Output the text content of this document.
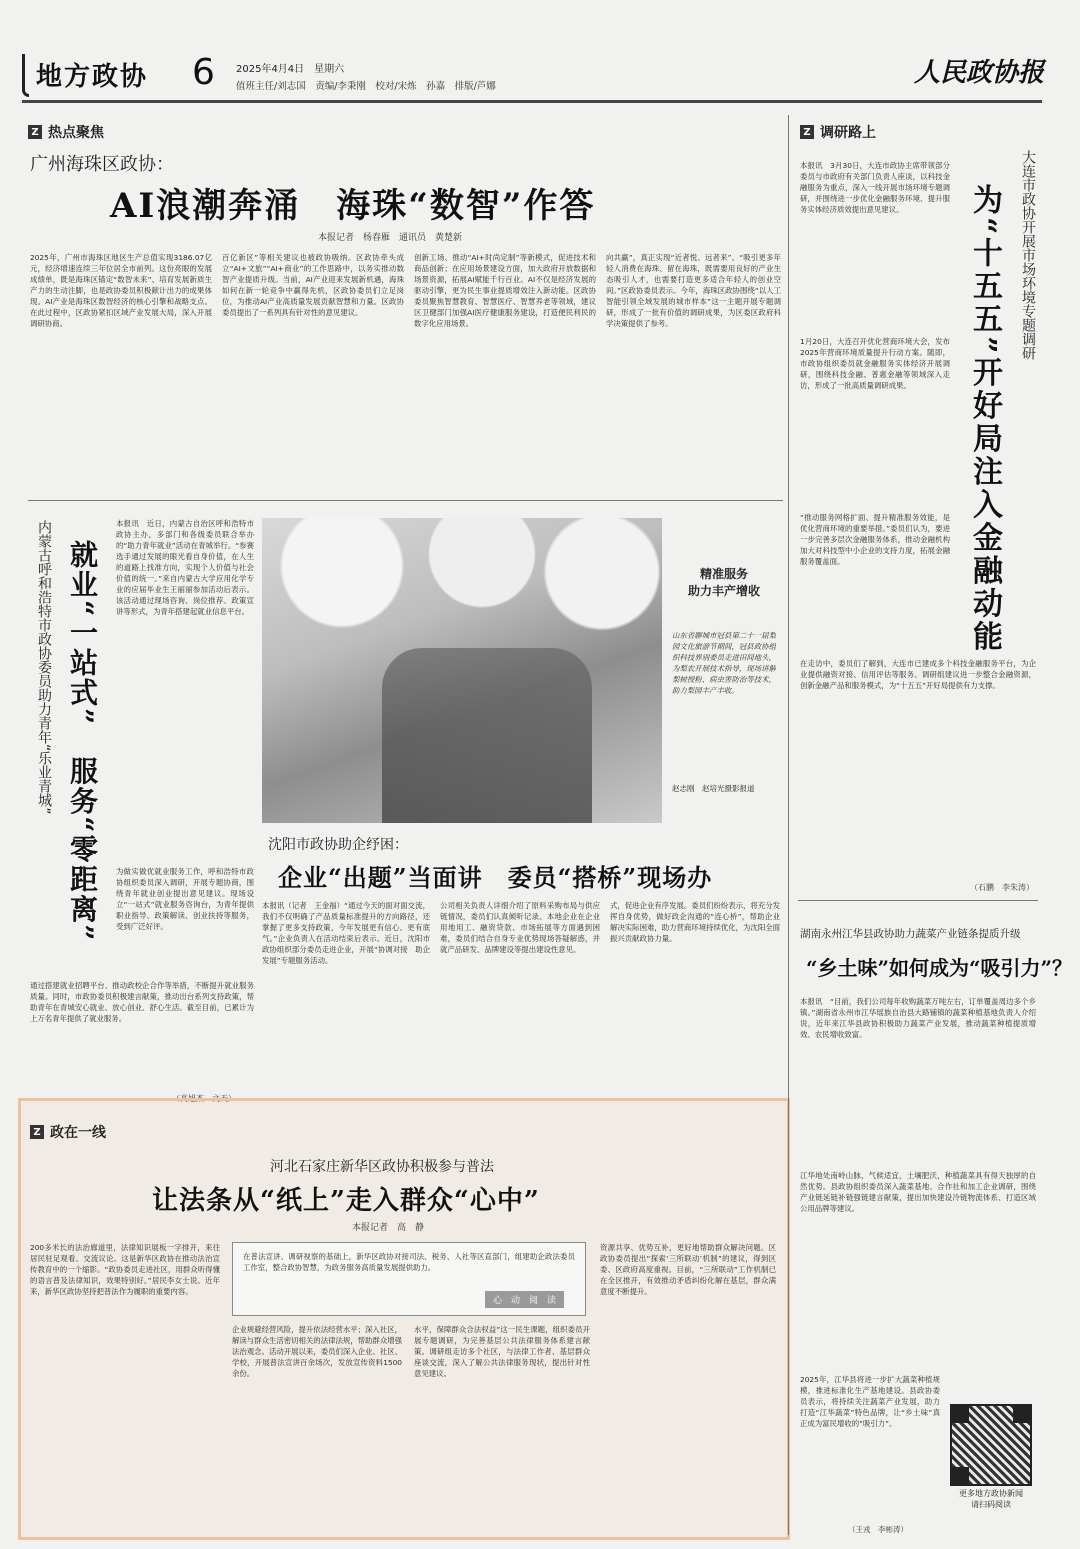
地方政协 6 2025年4月4日　星期六
值班主任/刘志国　责编/李秉刚　校对/宋炼　孙嘉　排版/芦娜	人民政协报
Z 热点聚焦
广州海珠区政协：
AI浪潮奔涌　海珠“数智”作答
本报记者　杨春雁　通讯员　黄楚新
2025年，广州市海珠区地区生产总值实现3186.07亿元，经济增速连续三年位居全市前列。这份亮眼的发展成绩单，既是海珠区锚定“数智未来”、培育发展新质生产力的生动注脚，也是政协委员积极献计出力的成果体现。AI产业是海珠区数智经济的核心引擎和战略支点。在此过程中，区政协紧扣区域产业发展大局，深入开展调研协商。
百亿新区”等相关建议也被政协吸纳。区政协牵头成立“AI+文旅”“AI+商业”的工作思路中，以务实推动数智产业提质升级。当前，AI产业迎来发展新机遇，海珠如何在新一轮竞争中赢得先机，区政协委员们立足岗位，为推动AI产业高质量发展贡献智慧和力量。区政协委员提出了一系列具有针对性的意见建议。
创新工场、推动“AI+时尚定制”等新模式，促进技术和商品创新；在应用场景建设方面，加大政府开放数据和场景资源，拓展AI赋能千行百业。AI不仅是经济发展的驱动引擎，更为民生事业提质增效注入新动能。区政协委员聚焦智慧教育、智慧医疗、智慧养老等领域，建议区卫健部门加强AI医疗健康服务建设，打造便民利民的数字化应用场景。
向共赢”，真正实现“近者悦、远者来”。“吸引更多年轻人消费在海珠、留在海珠，既需要用良好的产业生态吸引人才，也需要打造更多适合年轻人的创业空间。”区政协委员表示。今年，海珠区政协围绕“以人工智能引领全域发展的城市样本”这一主题开展专题调研，形成了一批有价值的调研成果，为区委区政府科学决策提供了参考。
就业“一站式”　服务“零距离”
内蒙古呼和浩特市政协委员助力青年“乐业青城”	本报讯　近日，内蒙古自治区呼和浩特市政协主办，多部门和各级委员联合举办的“助力青年就业”活动在青城举行。“参赛选手通过发展的眼光看自身价值，在人生的道路上找准方向，实现个人价值与社会价值的统一。”来自内蒙古大学应用化学专业的应届毕业生王丽丽参加活动后表示。该活动通过现场咨询、岗位推荐、政策宣讲等形式，为青年搭建起就业信息平台。
为做实做优就业服务工作，呼和浩特市政协组织委员深入调研，开展专题协商，围绕青年就业创业提出意见建议。现场设立“一站式”就业服务咨询台，为青年提供职业指导、政策解读、创业扶持等服务，受到广泛好评。
通过搭建就业招聘平台、推动政校企合作等举措，不断提升就业服务质量。同时，市政协委员积极建言献策，推动出台系列支持政策，帮助青年在青城安心就业、放心创业、舒心生活。截至目前，已累计为上万名青年提供了就业服务。
（高旭杰　文天）
精准服务
助力丰产增收
山东省聊城市冠县第二十一届梨园文化旅游节期间，冠县政协组织科技界别委员走进田间地头，为梨农开展技术指导，现场讲解梨树授粉、病虫害防治等技术，助力梨园丰产丰收。
赵志刚　赵培光摄影报道
沈阳市政协助企纾困：
企业“出题”当面讲　委员“搭桥”现场办
本报讯（记者　王金福）“通过今天的面对面交流，我们不仅明确了产品质量标准提升的方向路径，还掌握了更多支持政策，今年发展更有信心、更有底气。”企业负责人在活动结束后表示。近日，沈阳市政协组织部分委员走进企业，开展“协调对接　助企发展”专题服务活动。
公司相关负责人详细介绍了原料采购布局与供应链情况，委员们认真倾听记录。本地企业在企业用地用工、融资贷款、市场拓展等方面遇到困难，委员们结合自身专业优势现场答疑解惑，并就产品研发、品牌建设等提出建设性意见。
式，促进企业有序发展。委员们纷纷表示，将充分发挥自身优势，做好政企沟通的“连心桥”，帮助企业解决实际困难，助力营商环境持续优化，为沈阳全面振兴贡献政协力量。
Z 政在一线
河北石家庄新华区政协积极参与普法
让法条从“纸上”走入群众“心中”
本报记者　高　静
在普法宣讲、调研视察的基础上，新华区政协对接司法、税务、人社等区直部门，组建助企政法委员工作室，整合政协智慧，为政务服务高质量发展提供助力。
心　动　阅　读
200多米长的法治廊道里，法律知识展板一字排开，来往居民驻足观看、交流议论。这是新华区政协在推动法治宣传教育中的一个缩影。“政协委员走进社区，用群众听得懂的语言普及法律知识，效果特别好。”居民李女士说。近年来，新华区政协坚持把普法作为履职的重要内容。
企业规避经营风险，提升依法经营水平；深入社区，解读与群众生活密切相关的法律法规，帮助群众增强法治观念。活动开展以来，委员们深入企业、社区、学校，开展普法宣讲百余场次，发放宣传资料1500余份。
水平，保障群众合法权益”这一民生课题，组织委员开展专题调研，为完善基层公共法律服务体系建言献策。调研组走访多个社区，与法律工作者、基层群众座谈交流，深入了解公共法律服务现状，提出针对性意见建议。
资源共享、优势互补，更好地帮助群众解决问题。区政协委员提出“探索‘三所联动’机制”的建议，得到区委、区政府高度重视。目前，“三所联动”工作机制已在全区推开，有效推动矛盾纠纷化解在基层，群众满意度不断提升。
Z 调研路上
大连市政协开展市场环境专题调研
为“十五五”开好局注入金融动能
本报讯　3月30日，大连市政协主席带领部分委员与市政府有关部门负责人座谈，以科技金融服务为重点，深入一线开展市场环境专题调研，并围绕进一步优化金融服务环境、提升服务实体经济质效提出意见建议。
1月20日，大连召开优化营商环境大会，发布2025年营商环境质量提升行动方案。随即，市政协组织委员就金融服务实体经济开展调研，围绕科技金融、普惠金融等领域深入走访，形成了一批高质量调研成果。
“推动服务网格扩面、提升精准服务效能，是优化营商环境的重要举措。”委员们认为，要进一步完善多层次金融服务体系，推动金融机构加大对科技型中小企业的支持力度，拓展金融服务覆盖面。
在走访中，委员们了解到，大连市已建成多个科技金融服务平台，为企业提供融资对接、信用评估等服务。调研组建议进一步整合金融资源，创新金融产品和服务模式，为“十五五”开好局提供有力支撑。
（石鹏　李朱涛）
湖南永州江华县政协助力蔬菜产业链条提质升级
“乡土味”如何成为“吸引力”？
本报讯　“目前，我们公司每年收购蔬菜万吨左右，订单覆盖周边多个乡镇。”湖南省永州市江华瑶族自治县大路铺镇的蔬菜种植基地负责人介绍说，近年来江华县政协积极助力蔬菜产业发展，推动蔬菜种植提质增效、农民增收致富。
江华地处南岭山脉，气候适宜，土壤肥沃，种植蔬菜具有得天独厚的自然优势。县政协组织委员深入蔬菜基地、合作社和加工企业调研，围绕产业链延链补链强链建言献策，提出加快建设冷链物流体系、打造区域公用品牌等建议。
2025年，江华县将进一步扩大蔬菜种植规模，推进标准化生产基地建设。县政协委员表示，将持续关注蔬菜产业发展，助力打造“江华蔬菜”特色品牌，让“乡土味”真正成为富民增收的“吸引力”。
（王戎　李彬涛）
更多地方政协新闻
请扫码阅读
